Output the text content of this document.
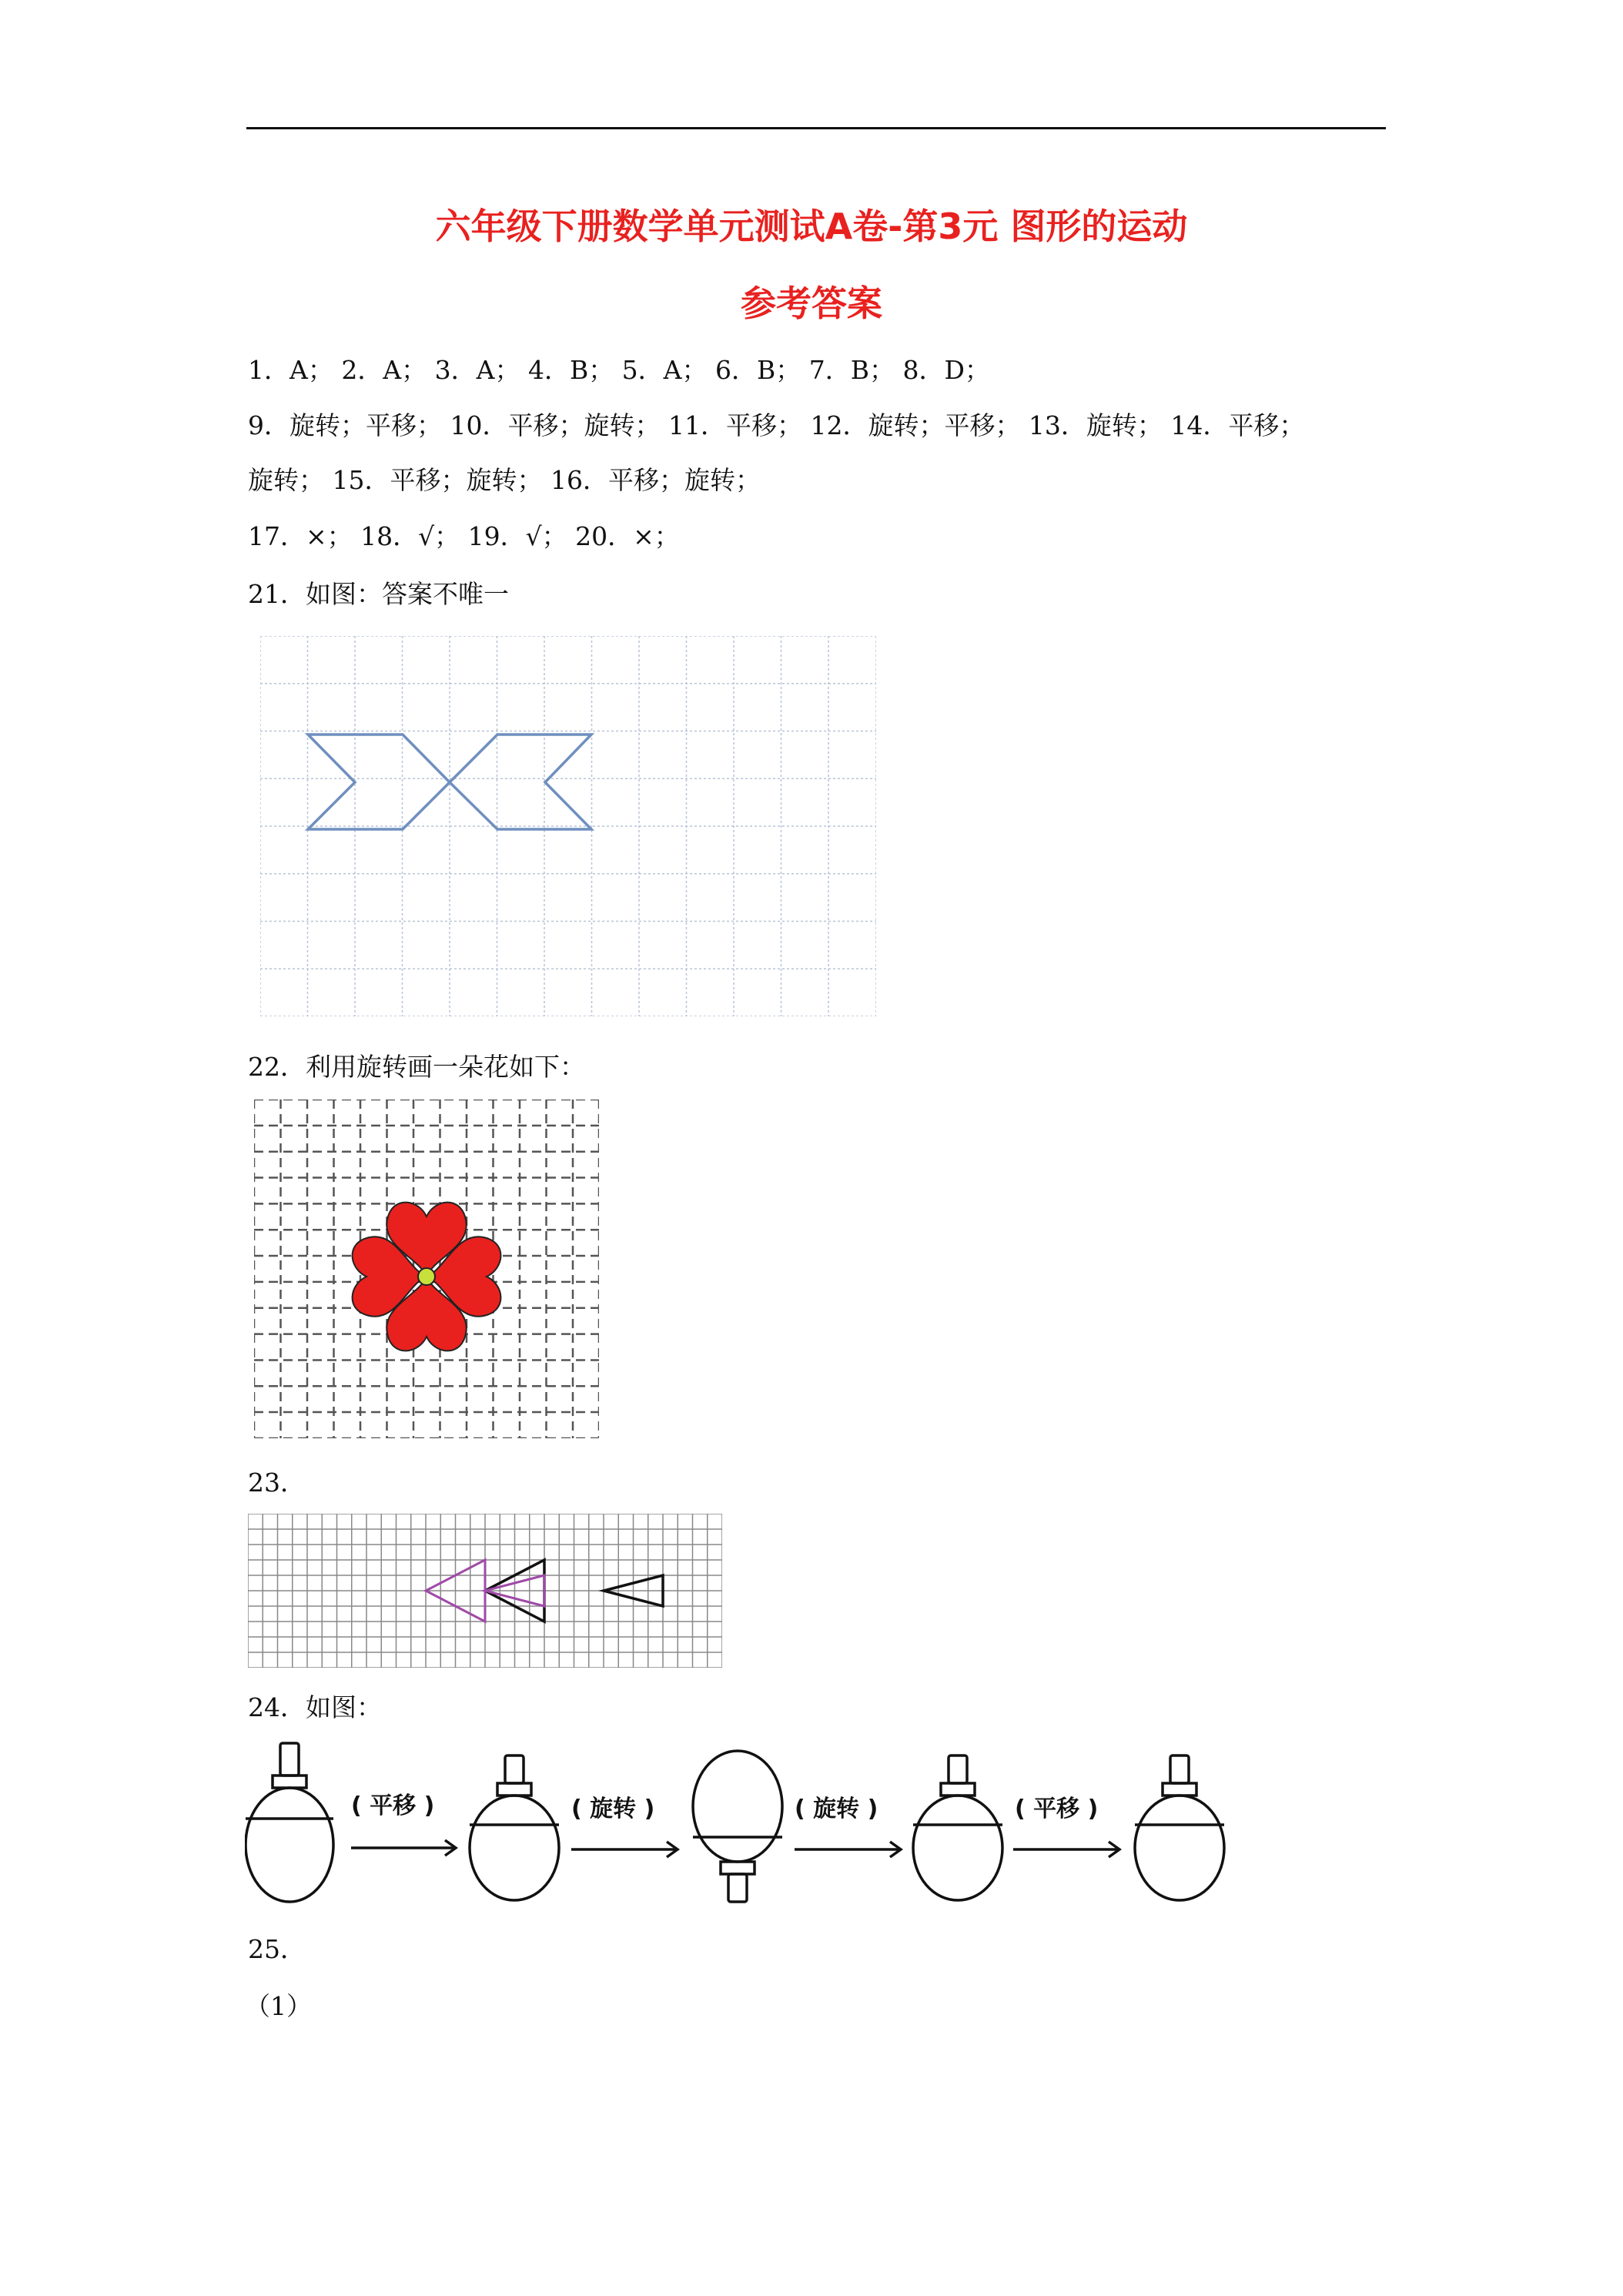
六年级下册数学单元测试A卷-第3元 图形的运动
参考答案
1．A； 2．A； 3．A； 4．B； 5．A； 6．B； 7．B； 8．D；
9．旋转；平移； 10．平移；旋转； 11．平移； 12．旋转；平移； 13．旋转； 14．平移；
旋转； 15．平移；旋转； 16．平移；旋转；
17．×； 18．√； 19．√； 20．×；
21．如图：答案不唯一
22．利用旋转画一朵花如下：
23．
24．如图：
( 平移 )	( 旋转 )	( 旋转 )	( 平移 )
25．
（1）
